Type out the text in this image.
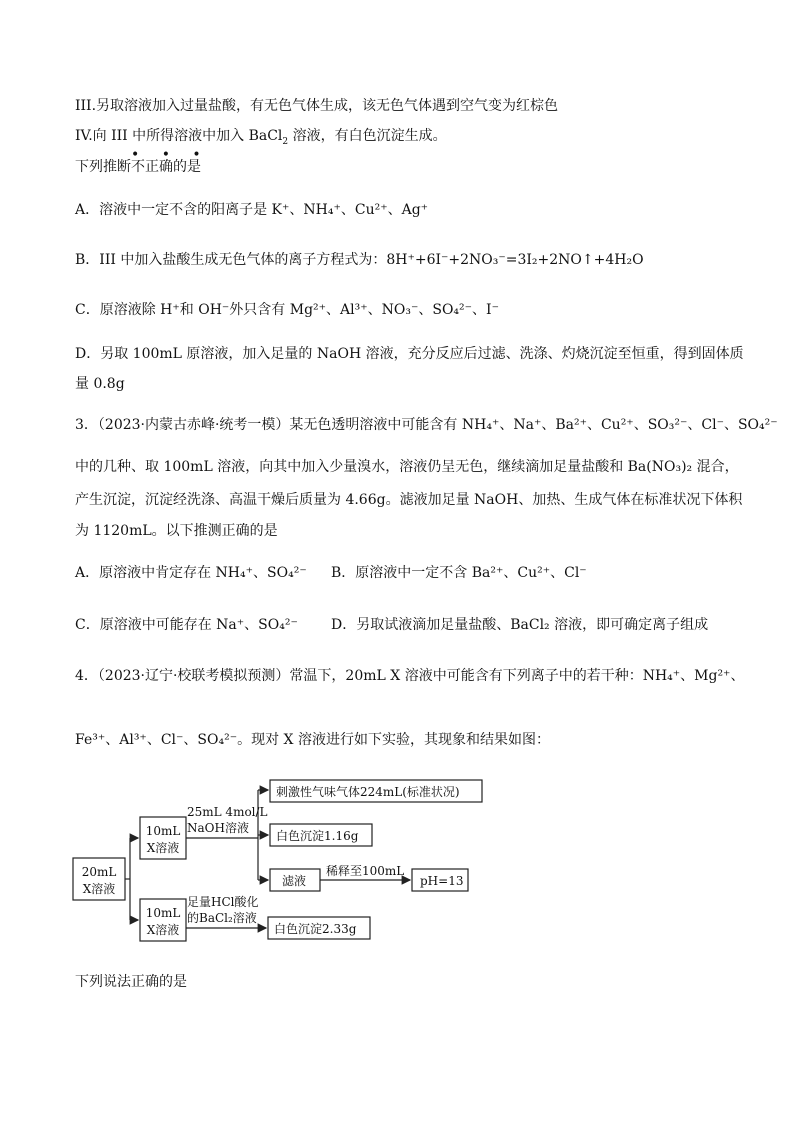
III.另取溶液加入过量盐酸，有无色气体生成，该无色气体遇到空气变为红棕色
IV.向 III 中所得溶液中加入 BaCl$_2$ 溶液，有白色沉淀生成。
• • •
下列推断不正确的是
A．溶液中一定不含的阳离子是 K⁺、NH₄⁺、Cu²⁺、Ag⁺
B．III 中加入盐酸生成无色气体的离子方程式为：8H⁺+6I⁻+2NO₃⁻=3I₂+2NO↑+4H₂O
C．原溶液除 H⁺和 OH⁻外只含有 Mg²⁺、Al³⁺、NO₃⁻、SO₄²⁻、I⁻
D．另取 100mL 原溶液，加入足量的 NaOH 溶液，充分反应后过滤、洗涤、灼烧沉淀至恒重，得到固体质
量 0.8g
3．（2023·内蒙古赤峰·统考一模）某无色透明溶液中可能含有 NH₄⁺、Na⁺、Ba²⁺、Cu²⁺、SO₃²⁻、Cl⁻、SO₄²⁻
中的几种、取 100mL 溶液，向其中加入少量溴水，溶液仍呈无色，继续滴加足量盐酸和 Ba(NO₃)₂ 混合，
产生沉淀，沉淀经洗涤、高温干燥后质量为 4.66g。滤液加足量 NaOH、加热、生成气体在标准状况下体积
为 1120mL。以下推测正确的是
A．原溶液中肯定存在 NH₄⁺、SO₄²⁻ B．原溶液中一定不含 Ba²⁺、Cu²⁺、Cl⁻
C．原溶液中可能存在 Na⁺、SO₄²⁻ D．另取试液滴加足量盐酸、BaCl₂ 溶液，即可确定离子组成
4．（2023·辽宁·校联考模拟预测）常温下，20mL X 溶液中可能含有下列离子中的若干种：NH₄⁺、Mg²⁺、
Fe³⁺、Al³⁺、Cl⁻、SO₄²⁻。现对 X 溶液进行如下实验，其现象和结果如图：
20mL
X溶液
10mL
X溶液
10mL
X溶液
25mL 4mol/L
NaOH溶液
足量HCl酸化
的BaCl₂溶液
刺激性气味气体224mL(标准状况)
白色沉淀1.16g
滤液
稀释至100mL
pH=13
白色沉淀2.33g
下列说法正确的是
